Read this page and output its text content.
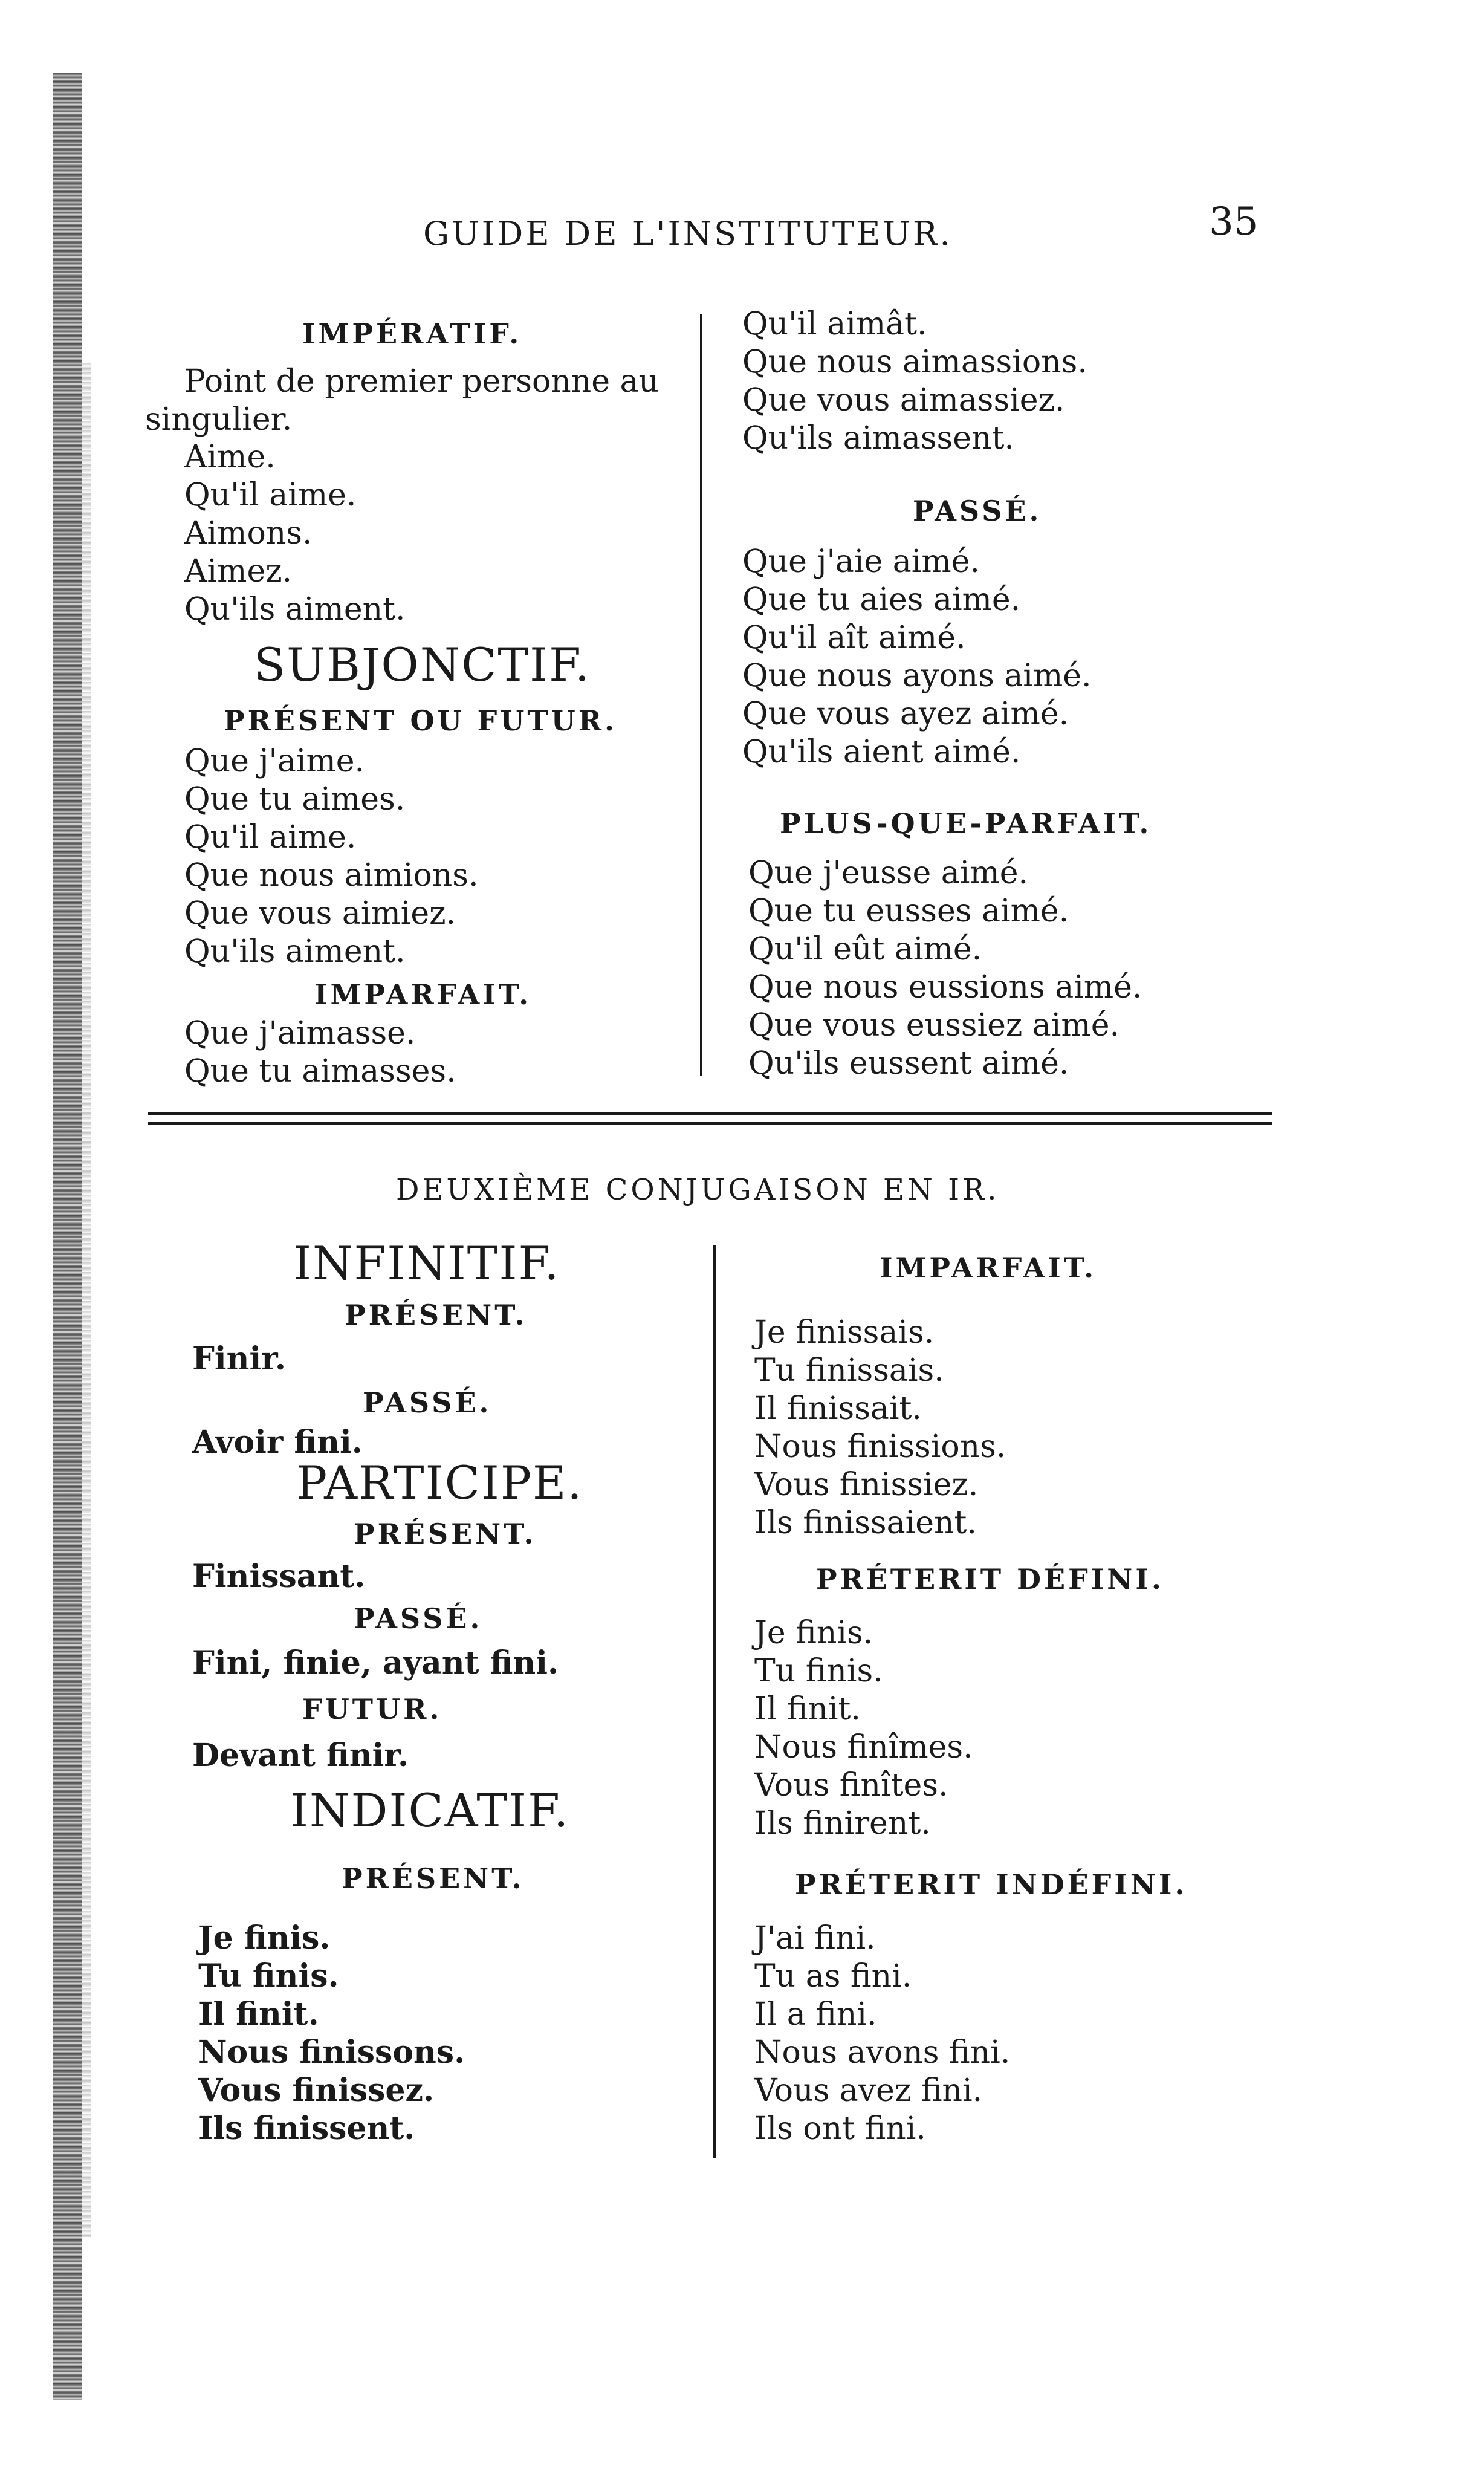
GUIDE DE L'INSTITUTEUR.	35
IMPÉRATIF.
Point de premier personne au
singulier.
Aime.
Qu'il aime.
Aimons.
Aimez.
Qu'ils aiment.
SUBJONCTIF.
PRÉSENT OU FUTUR.
Que j'aime.
Que tu aimes.
Qu'il aime.
Que nous aimions.
Que vous aimiez.
Qu'ils aiment.
IMPARFAIT.
Que j'aimasse.
Que tu aimasses.
Qu'il aimât.
Que nous aimassions.
Que vous aimassiez.
Qu'ils aimassent.
PASSÉ.
Que j'aie aimé.
Que tu aies aimé.
Qu'il aît aimé.
Que nous ayons aimé.
Que vous ayez aimé.
Qu'ils aient aimé.
PLUS-QUE-PARFAIT.
Que j'eusse aimé.
Que tu eusses aimé.
Qu'il eût aimé.
Que nous eussions aimé.
Que vous eussiez aimé.
Qu'ils eussent aimé.
DEUXIÈME CONJUGAISON EN IR.
INFINITIF.
PRÉSENT.
Finir.
PASSÉ.
Avoir fini.
PARTICIPE.
PRÉSENT.
Finissant.
PASSÉ.
Fini, finie, ayant fini.
FUTUR.
Devant finir.
INDICATIF.
PRÉSENT.
Je finis.
Tu finis.
Il finit.
Nous finissons.
Vous finissez.
Ils finissent.
IMPARFAIT.
Je finissais.
Tu finissais.
Il finissait.
Nous finissions.
Vous finissiez.
Ils finissaient.
PRÉTERIT DÉFINI.
Je finis.
Tu finis.
Il finit.
Nous finîmes.
Vous finîtes.
Ils finirent.
PRÉTERIT INDÉFINI.
J'ai fini.
Tu as fini.
Il a fini.
Nous avons fini.
Vous avez fini.
Ils ont fini.
